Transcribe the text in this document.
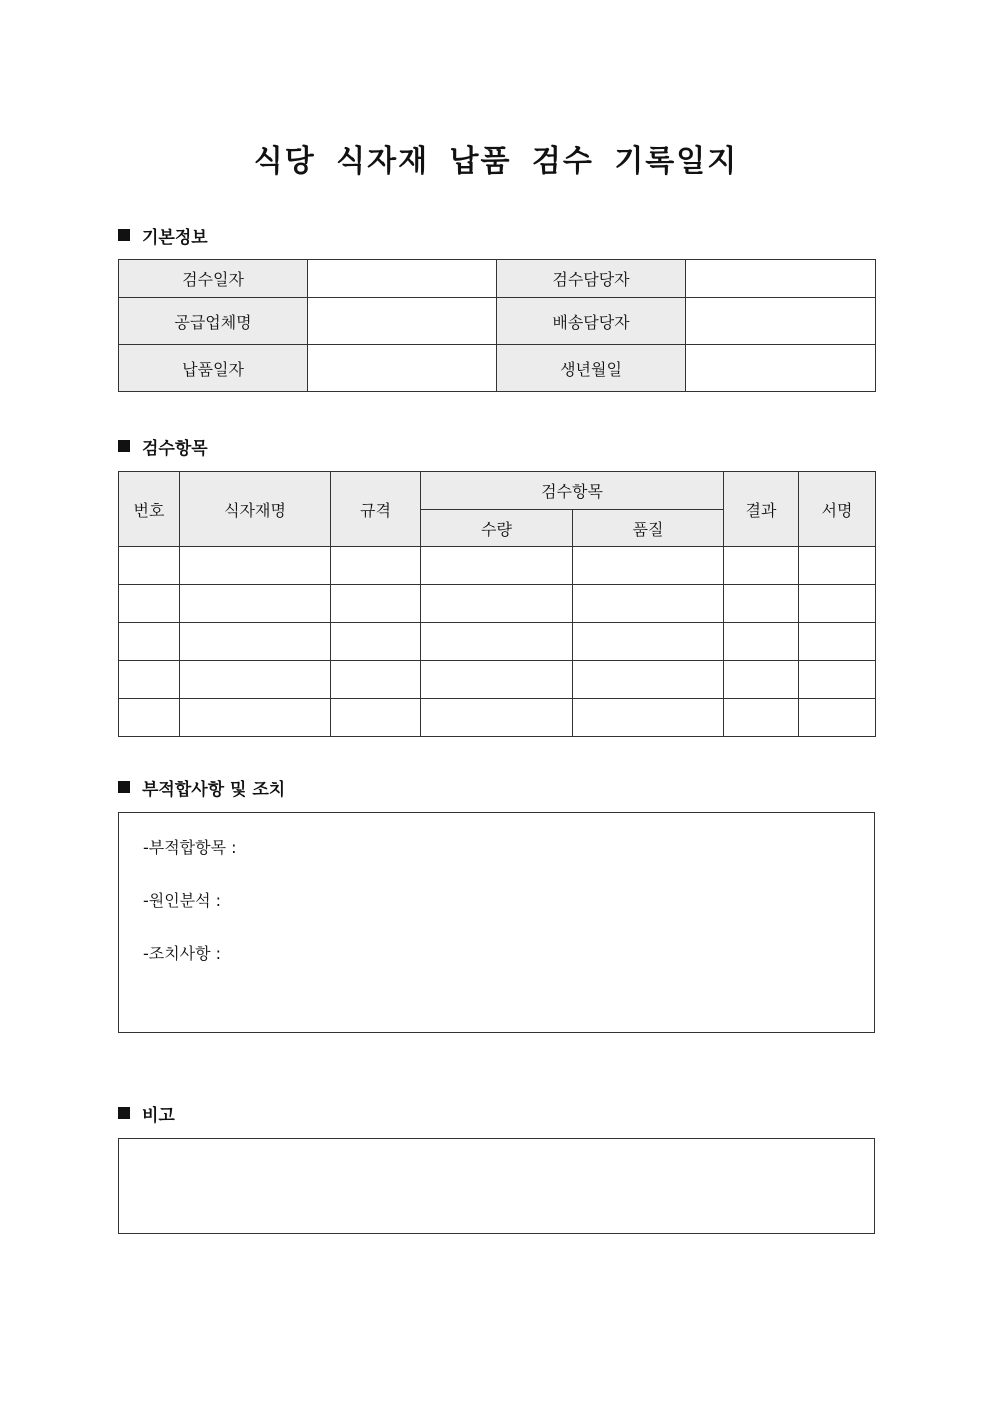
식당 식자재 납품 검수 기록일지
기본정보
검수일자		검수담당자	
공급업체명		배송담당자	
납품일자		생년월일	
검수항목
번호	식자재명	규격	검수항목		결과	서명
			수량	품질		

부적합사항 및 조치
-부적합항목 :
-원인분석 :
-조치사항 :
비고
